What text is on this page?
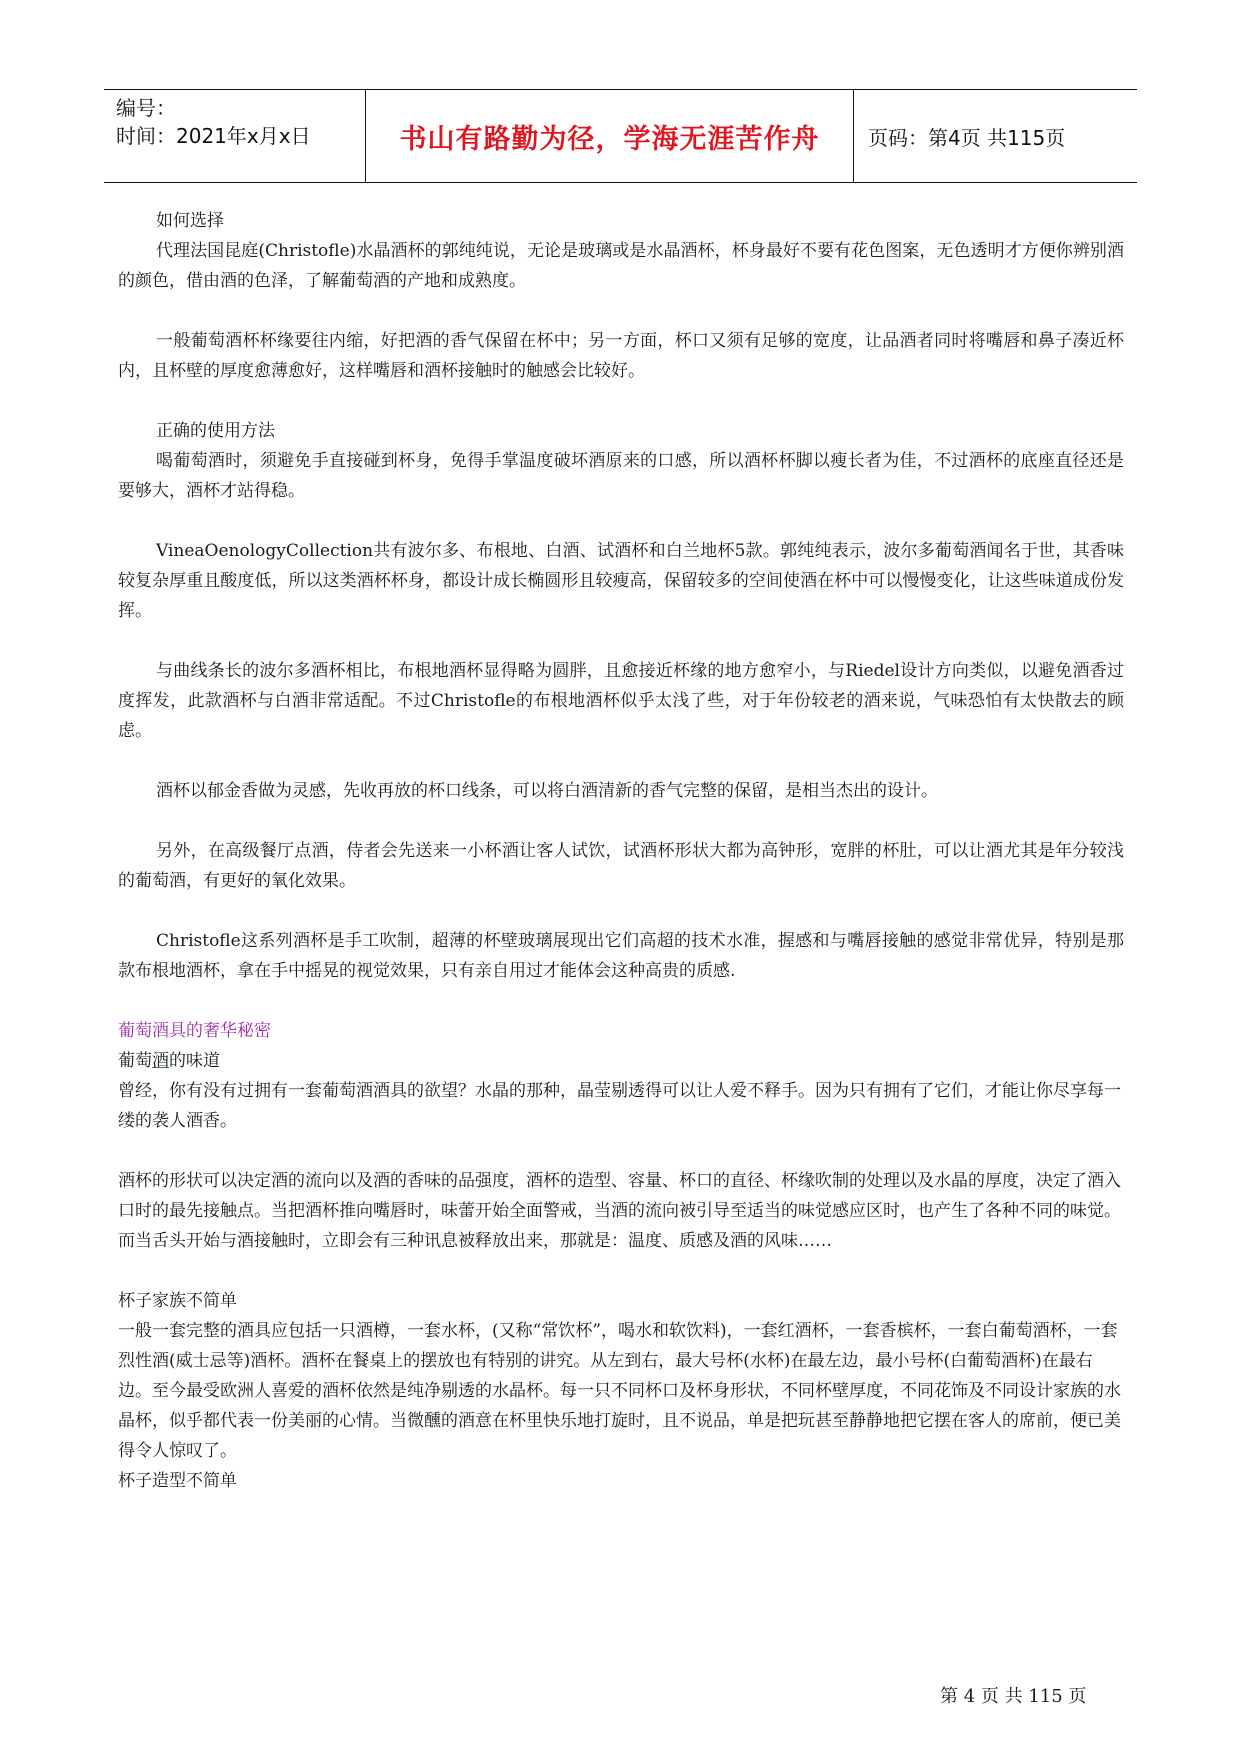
编号：
时间：2021年x月x日	书山有路勤为径，学海无涯苦作舟	页码：第4页 共115页

如何选择

代理法国昆庭(Christofle)水晶酒杯的郭纯纯说，无论是玻璃或是水晶酒杯，杯身最好不要有花色图案，无色透明才方便你辨别酒的颜色，借由酒的色泽，了解葡萄酒的产地和成熟度。

一般葡萄酒杯杯缘要往内缩，好把酒的香气保留在杯中；另一方面，杯口又须有足够的宽度，让品酒者同时将嘴唇和鼻子凑近杯内，且杯壁的厚度愈薄愈好，这样嘴唇和酒杯接触时的触感会比较好。

正确的使用方法

喝葡萄酒时，须避免手直接碰到杯身，免得手掌温度破坏酒原来的口感，所以酒杯杯脚以瘦长者为佳，不过酒杯的底座直径还是要够大，酒杯才站得稳。

VineaOenologyCollection共有波尔多、布根地、白酒、试酒杯和白兰地杯5款。郭纯纯表示，波尔多葡萄酒闻名于世，其香味较复杂厚重且酸度低，所以这类酒杯杯身，都设计成长椭圆形且较瘦高，保留较多的空间使酒在杯中可以慢慢变化，让这些味道成份发挥。

与曲线条长的波尔多酒杯相比，布根地酒杯显得略为圆胖，且愈接近杯缘的地方愈窄小，与Riedel设计方向类似，以避免酒香过度挥发，此款酒杯与白酒非常适配。不过Christofle的布根地酒杯似乎太浅了些，对于年份较老的酒来说，气味恐怕有太快散去的顾虑。

酒杯以郁金香做为灵感，先收再放的杯口线条，可以将白酒清新的香气完整的保留，是相当杰出的设计。

另外，在高级餐厅点酒，侍者会先送来一小杯酒让客人试饮，试酒杯形状大都为高钟形，宽胖的杯肚，可以让酒尤其是年分较浅的葡萄酒，有更好的氧化效果。

Christofle这系列酒杯是手工吹制，超薄的杯壁玻璃展现出它们高超的技术水准，握感和与嘴唇接触的感觉非常优异，特别是那款布根地酒杯，拿在手中摇晃的视觉效果，只有亲自用过才能体会这种高贵的质感.

葡萄酒具的奢华秘密

葡萄酒的味道

曾经，你有没有过拥有一套葡萄酒酒具的欲望？水晶的那种，晶莹剔透得可以让人爱不释手。因为只有拥有了它们，才能让你尽享每一缕的袭人酒香。

酒杯的形状可以决定酒的流向以及酒的香味的品强度，酒杯的造型、容量、杯口的直径、杯缘吹制的处理以及水晶的厚度，决定了酒入口时的最先接触点。当把酒杯推向嘴唇时，味蕾开始全面警戒，当酒的流向被引导至适当的味觉感应区时，也产生了各种不同的味觉。而当舌头开始与酒接触时，立即会有三种讯息被释放出来，那就是：温度、质感及酒的风味……

杯子家族不简单

一般一套完整的酒具应包括一只酒樽，一套水杯，(又称“常饮杯”，喝水和软饮料)，一套红酒杯，一套香槟杯，一套白葡萄酒杯，一套烈性酒(威士忌等)酒杯。酒杯在餐桌上的摆放也有特别的讲究。从左到右，最大号杯(水杯)在最左边，最小号杯(白葡萄酒杯)在最右边。至今最受欧洲人喜爱的酒杯依然是纯净剔透的水晶杯。每一只不同杯口及杯身形状，不同杯壁厚度，不同花饰及不同设计家族的水晶杯，似乎都代表一份美丽的心情。当微醺的酒意在杯里快乐地打旋时，且不说品，单是把玩甚至静静地把它摆在客人的席前，便已美得令人惊叹了。

杯子造型不简单

第 4 页 共 115 页
